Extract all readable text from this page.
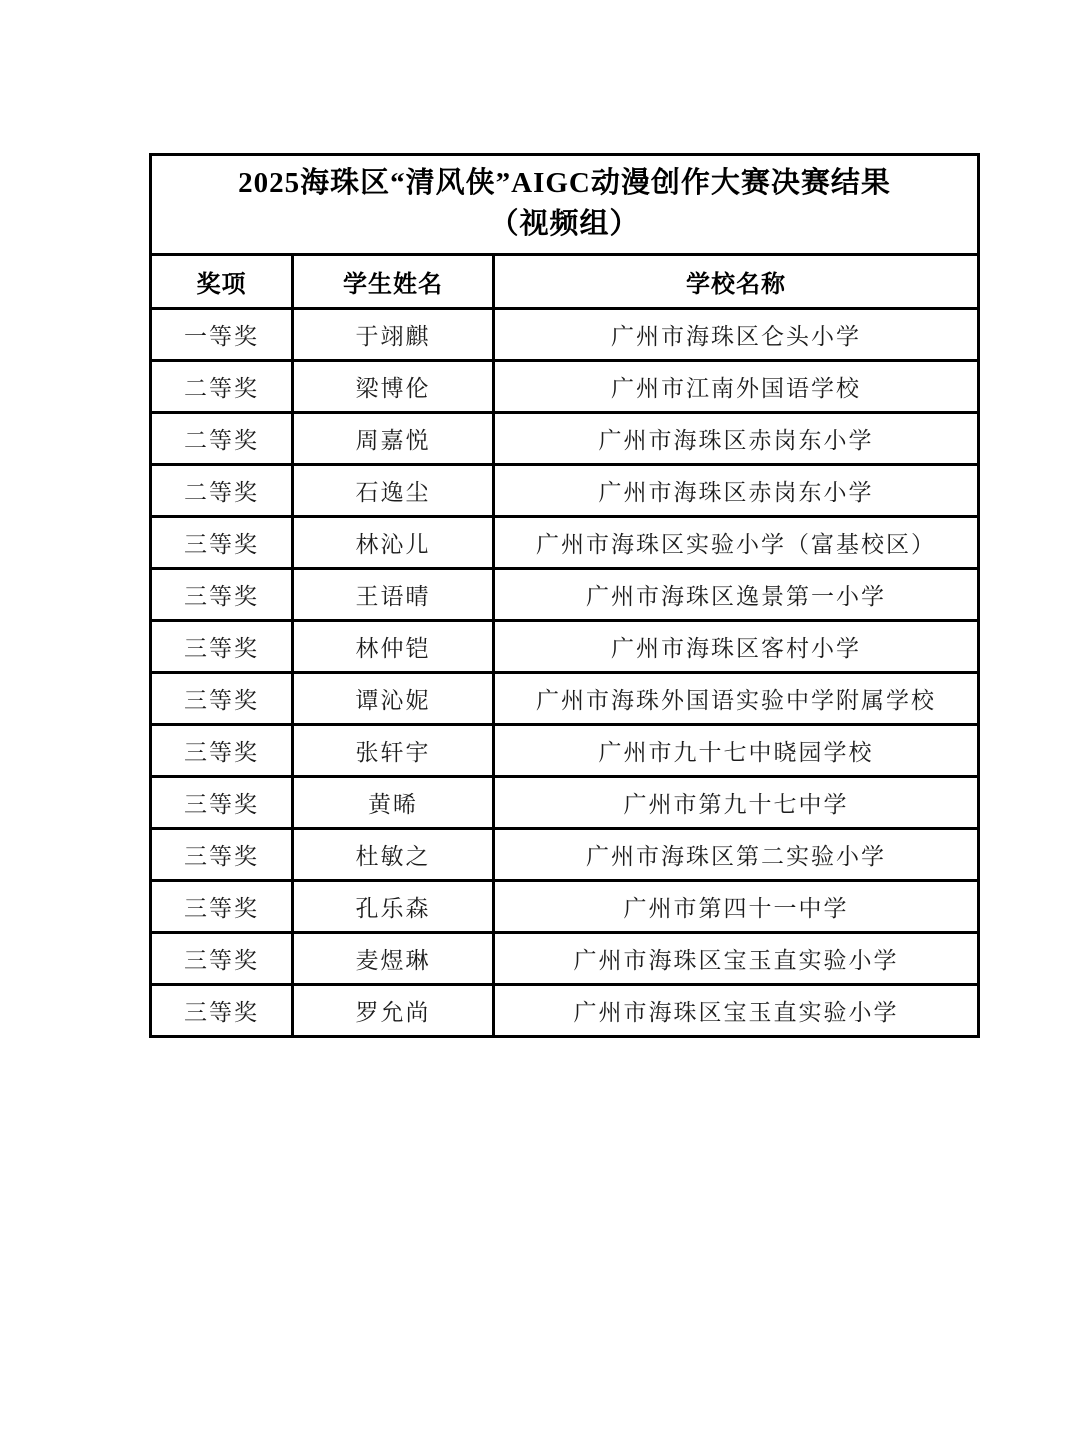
2025海珠区“清风侠”AIGC动漫创作大赛决赛结果
（视频组）		

奖项	学生姓名	学校名称
一等奖	于翊麒	广州市海珠区仑头小学
二等奖	梁博伦	广州市江南外国语学校
二等奖	周嘉悦	广州市海珠区赤岗东小学
二等奖	石逸尘	广州市海珠区赤岗东小学
三等奖	林沁儿	广州市海珠区实验小学（富基校区）
三等奖	王语晴	广州市海珠区逸景第一小学
三等奖	林仲铠	广州市海珠区客村小学
三等奖	谭沁妮	广州市海珠外国语实验中学附属学校
三等奖	张轩宇	广州市九十七中晓园学校
三等奖	黄晞	广州市第九十七中学
三等奖	杜敏之	广州市海珠区第二实验小学
三等奖	孔乐森	广州市第四十一中学
三等奖	麦煜琳	广州市海珠区宝玉直实验小学
三等奖	罗允尚	广州市海珠区宝玉直实验小学
